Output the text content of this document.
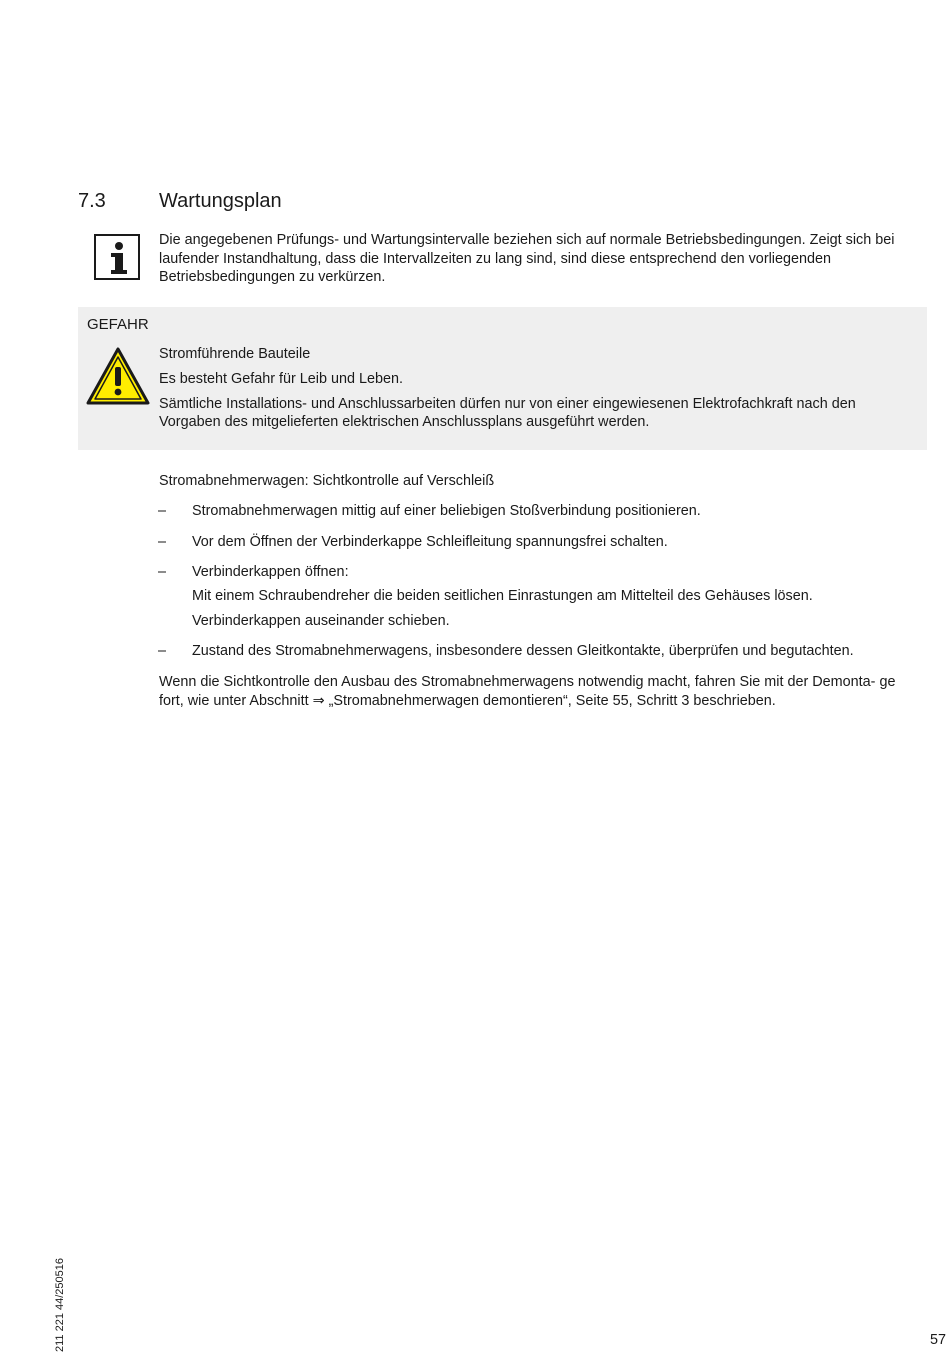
7.3	Wartungsplan
Die angegebenen Prüfungs- und Wartungsintervalle beziehen sich auf normale Betriebsbedingungen. Zeigt sich bei laufender Instandhaltung, dass die Intervallzeiten zu lang sind, sind diese entsprechend den vorliegenden Betriebsbedingungen zu verkürzen.
GEFAHR
Stromführende Bauteile
Es besteht Gefahr für Leib und Leben.
Sämtliche Installations- und Anschlussarbeiten dürfen nur von einer eingewiesenen Elektrofachkraft nach den Vorgaben des mitgelieferten elektrischen Anschlussplans ausgeführt werden.
Stromabnehmerwagen: Sichtkontrolle auf Verschleiß
– Stromabnehmerwagen mittig auf einer beliebigen Stoßverbindung positionieren.
– Vor dem Öffnen der Verbinderkappe Schleifleitung spannungsfrei schalten.
– Verbinderkappen öffnen:
Mit einem Schraubendreher die beiden seitlichen Einrastungen am Mittelteil des Gehäuses lösen.
Verbinderkappen auseinander schieben.
– Zustand des Stromabnehmerwagens, insbesondere dessen Gleitkontakte, überprüfen und begutachten.
Wenn die Sichtkontrolle den Ausbau des Stromabnehmerwagens notwendig macht, fahren Sie mit der Demonta- ge fort, wie unter Abschnitt ⇒ „Stromabnehmerwagen demontieren“, Seite 55, Schritt 3 beschrieben.
211 221 44/250516	57
